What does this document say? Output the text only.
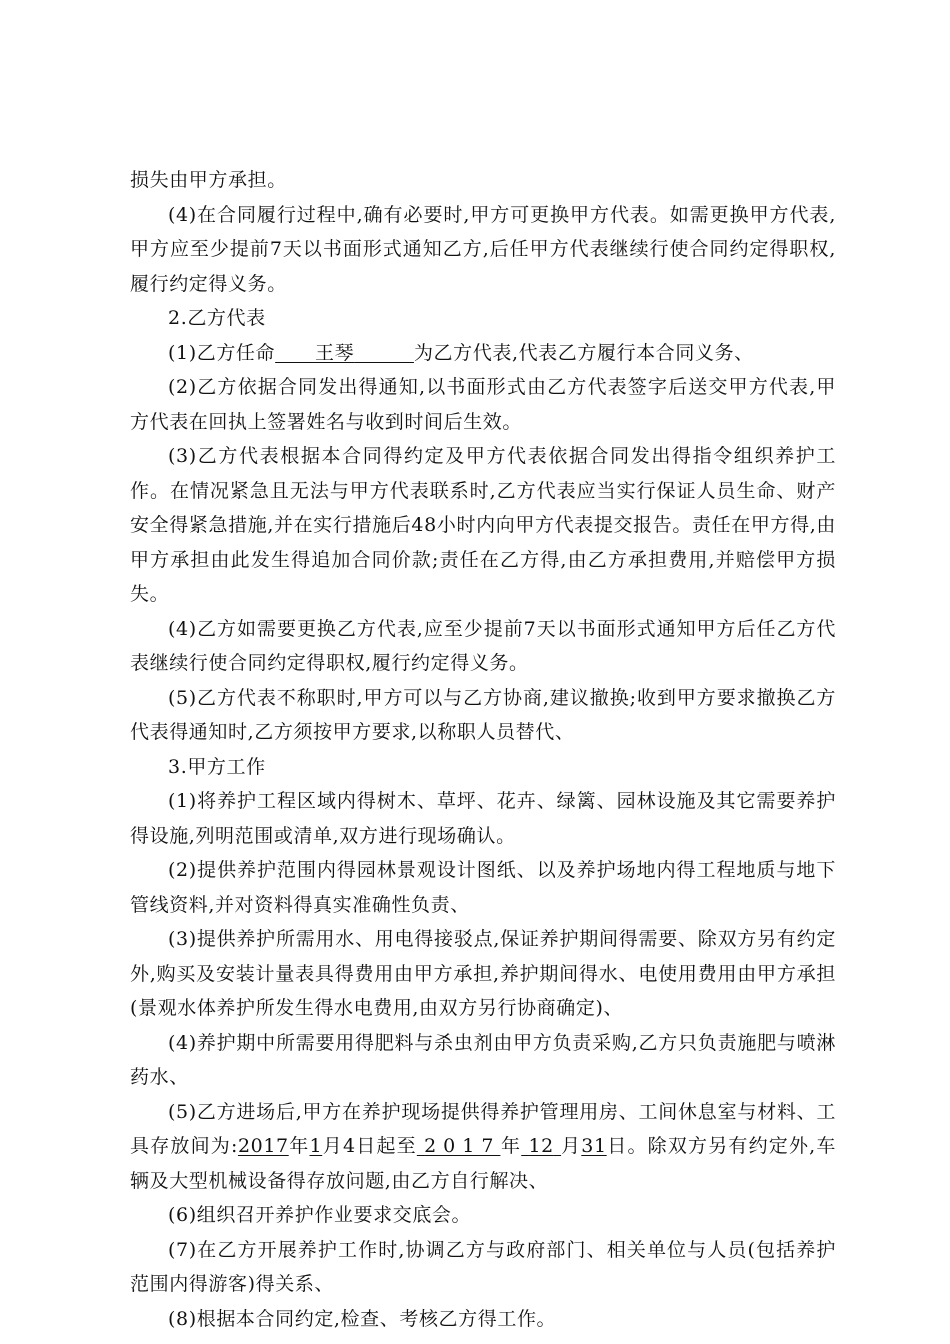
损失由甲方承担。

(4)在合同履行过程中,确有必要时,甲方可更换甲方代表。如需更换甲方代表,甲方应至少提前7天以书面形式通知乙方,后任甲方代表继续行使合同约定得职权,履行约定得义务。

2.乙方代表

(1)乙方任命 王琴	为乙方代表,代表乙方履行本合同义务、

(2)乙方依据合同发出得通知,以书面形式由乙方代表签字后送交甲方代表,甲方代表在回执上签署姓名与收到时间后生效。

(3)乙方代表根据本合同得约定及甲方代表依据合同发出得指令组织养护工作。在情况紧急且无法与甲方代表联系时,乙方代表应当实行保证人员生命、财产安全得紧急措施,并在实行措施后48小时内向甲方代表提交报告。责任在甲方得,由甲方承担由此发生得追加合同价款;责任在乙方得,由乙方承担费用,并赔偿甲方损失。

(4)乙方如需要更换乙方代表,应至少提前7天以书面形式通知甲方后任乙方代表继续行使合同约定得职权,履行约定得义务。

(5)乙方代表不称职时,甲方可以与乙方协商,建议撤换;收到甲方要求撤换乙方代表得通知时,乙方须按甲方要求,以称职人员替代、

3.甲方工作

(1)将养护工程区域内得树木、草坪、花卉、绿篱、园林设施及其它需要养护得设施,列明范围或清单,双方进行现场确认。

(2)提供养护范围内得园林景观设计图纸、以及养护场地内得工程地质与地下管线资料,并对资料得真实准确性负责、

(3)提供养护所需用水、用电得接驳点,保证养护期间得需要、除双方另有约定外,购买及安装计量表具得费用由甲方承担,养护期间得水、电使用费用由甲方承担(景观水体养护所发生得水电费用,由双方另行协商确定)、

(4)养护期中所需要用得肥料与杀虫剂由甲方负责采购,乙方只负责施肥与喷淋药水、

(5)乙方进场后,甲方在养护现场提供得养护管理用房、工间休息室与材料、工具存放间为:2017年1月4日起至 2017年 12 月31日。除双方另有约定外,车辆及大型机械设备得存放问题,由乙方自行解决、

(6)组织召开养护作业要求交底会。

(7)在乙方开展养护工作时,协调乙方与政府部门、相关单位与人员(包括养护范围内得游客)得关系、

(8)根据本合同约定,检查、考核乙方得工作。
